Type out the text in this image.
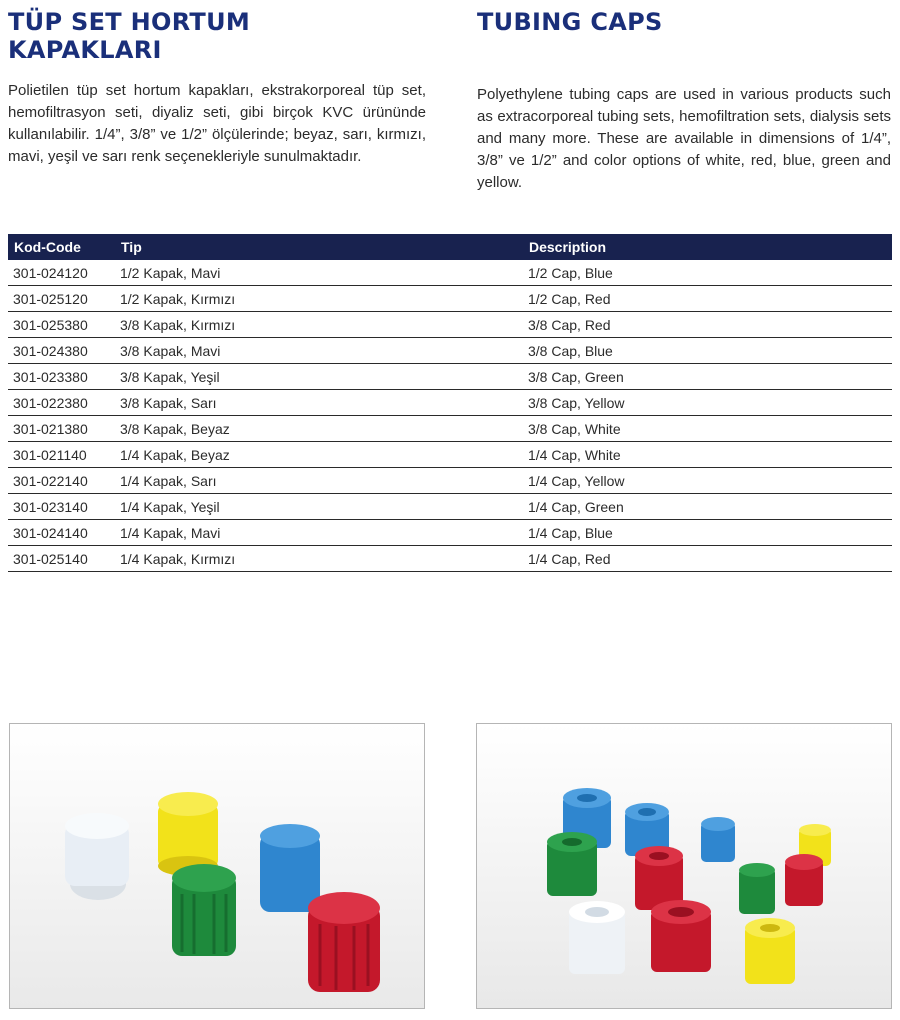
TÜP SET HORTUM
KAPAKLARI

Polietilen tüp set hortum kapakları, ekstrakorporeal tüp set, hemofiltrasyon seti, diyaliz seti, gibi birçok KVC ürününde kullanılabilir. 1/4”, 3/8” ve 1/2” ölçülerinde; beyaz, sarı, kırmızı, mavi, yeşil ve sarı renk seçenekleriyle sunulmaktadır.

TUBING CAPS

Polyethylene tubing caps are used in various products such as extracorporeal tubing sets, hemofiltration sets, dialysis sets and many more. These are available in dimensions of 1/4”, 3/8” ve 1/2” and color options of white, red, blue, green and yellow.

Kod-Code	Tip	Description
301-024120	1/2 Kapak, Mavi	1/2 Cap, Blue
301-025120	1/2 Kapak, Kırmızı	1/2 Cap, Red
301-025380	3/8 Kapak, Kırmızı	3/8 Cap, Red
301-024380	3/8 Kapak, Mavi	3/8 Cap, Blue
301-023380	3/8 Kapak, Yeşil	3/8 Cap, Green
301-022380	3/8 Kapak, Sarı	3/8 Cap, Yellow
301-021380	3/8 Kapak, Beyaz	3/8 Cap, White
301-021140	1/4 Kapak, Beyaz	1/4 Cap, White
301-022140	1/4 Kapak, Sarı	1/4 Cap, Yellow
301-023140	1/4 Kapak, Yeşil	1/4 Cap, Green
301-024140	1/4 Kapak, Mavi	1/4 Cap, Blue
301-025140	1/4 Kapak, Kırmızı	1/4 Cap, Red
